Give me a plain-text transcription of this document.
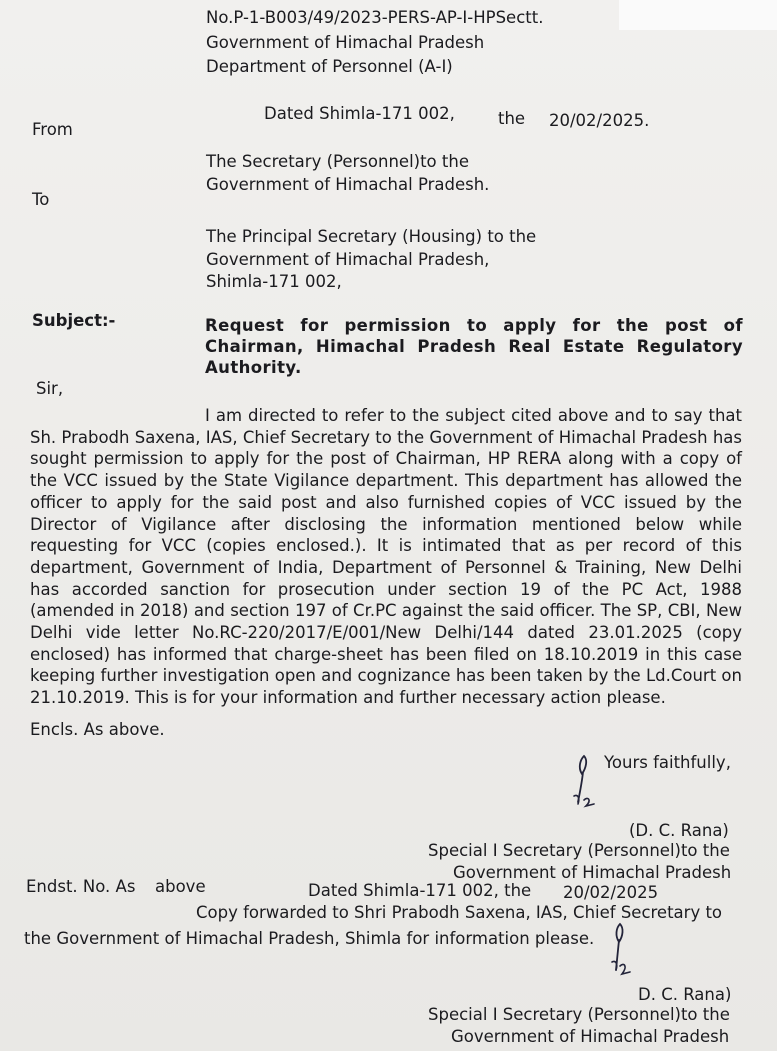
No.P-1-B003/49/2023-PERS-AP-I-HPSectt.
Government of Himachal Pradesh
Department of Personnel (A-I)
Dated Shimla-171 002,	the 20/02/2025.
From
The Secretary (Personnel)to the
Government of Himachal Pradesh.
To
The Principal Secretary (Housing) to the
Government of Himachal Pradesh,
Shimla-171 002,
Subject:-	Request for permission to apply for the post of Chairman, Himachal Pradesh Real Estate Regulatory Authority.
Sir,
I am directed to refer to the subject cited above and to say that Sh. Prabodh Saxena, IAS, Chief Secretary to the Government of Himachal Pradesh has sought permission to apply for the post of Chairman, HP RERA along with a copy of the VCC issued by the State Vigilance department. This department has allowed the officer to apply for the said post and also furnished copies of VCC issued by the Director of Vigilance after disclosing the information mentioned below while requesting for VCC (copies enclosed.). It is intimated that as per record of this department, Government of India, Department of Personnel & Training, New Delhi has accorded sanction for prosecution under section 19 of the PC Act, 1988 (amended in 2018) and section 197 of Cr.PC against the said officer. The SP, CBI, New Delhi vide letter No.RC-220/2017/E/001/New Delhi/144 dated 23.01.2025 (copy enclosed) has informed that charge-sheet has been filed on 18.10.2019 in this case keeping further investigation open and cognizance has been taken by the Ld.Court on 21.10.2019. This is for your information and further necessary action please.
Encls. As above.
Yours faithfully,
(D. C. Rana)
Special I Secretary (Personnel)to the
Government of Himachal Pradesh
Endst. No. As above	Dated Shimla-171 002, the 20/02/2025
Copy forwarded to Shri Prabodh Saxena, IAS, Chief Secretary to
the Government of Himachal Pradesh, Shimla for information please.
D. C. Rana)
Special I Secretary (Personnel)to the
Government of Himachal Pradesh
